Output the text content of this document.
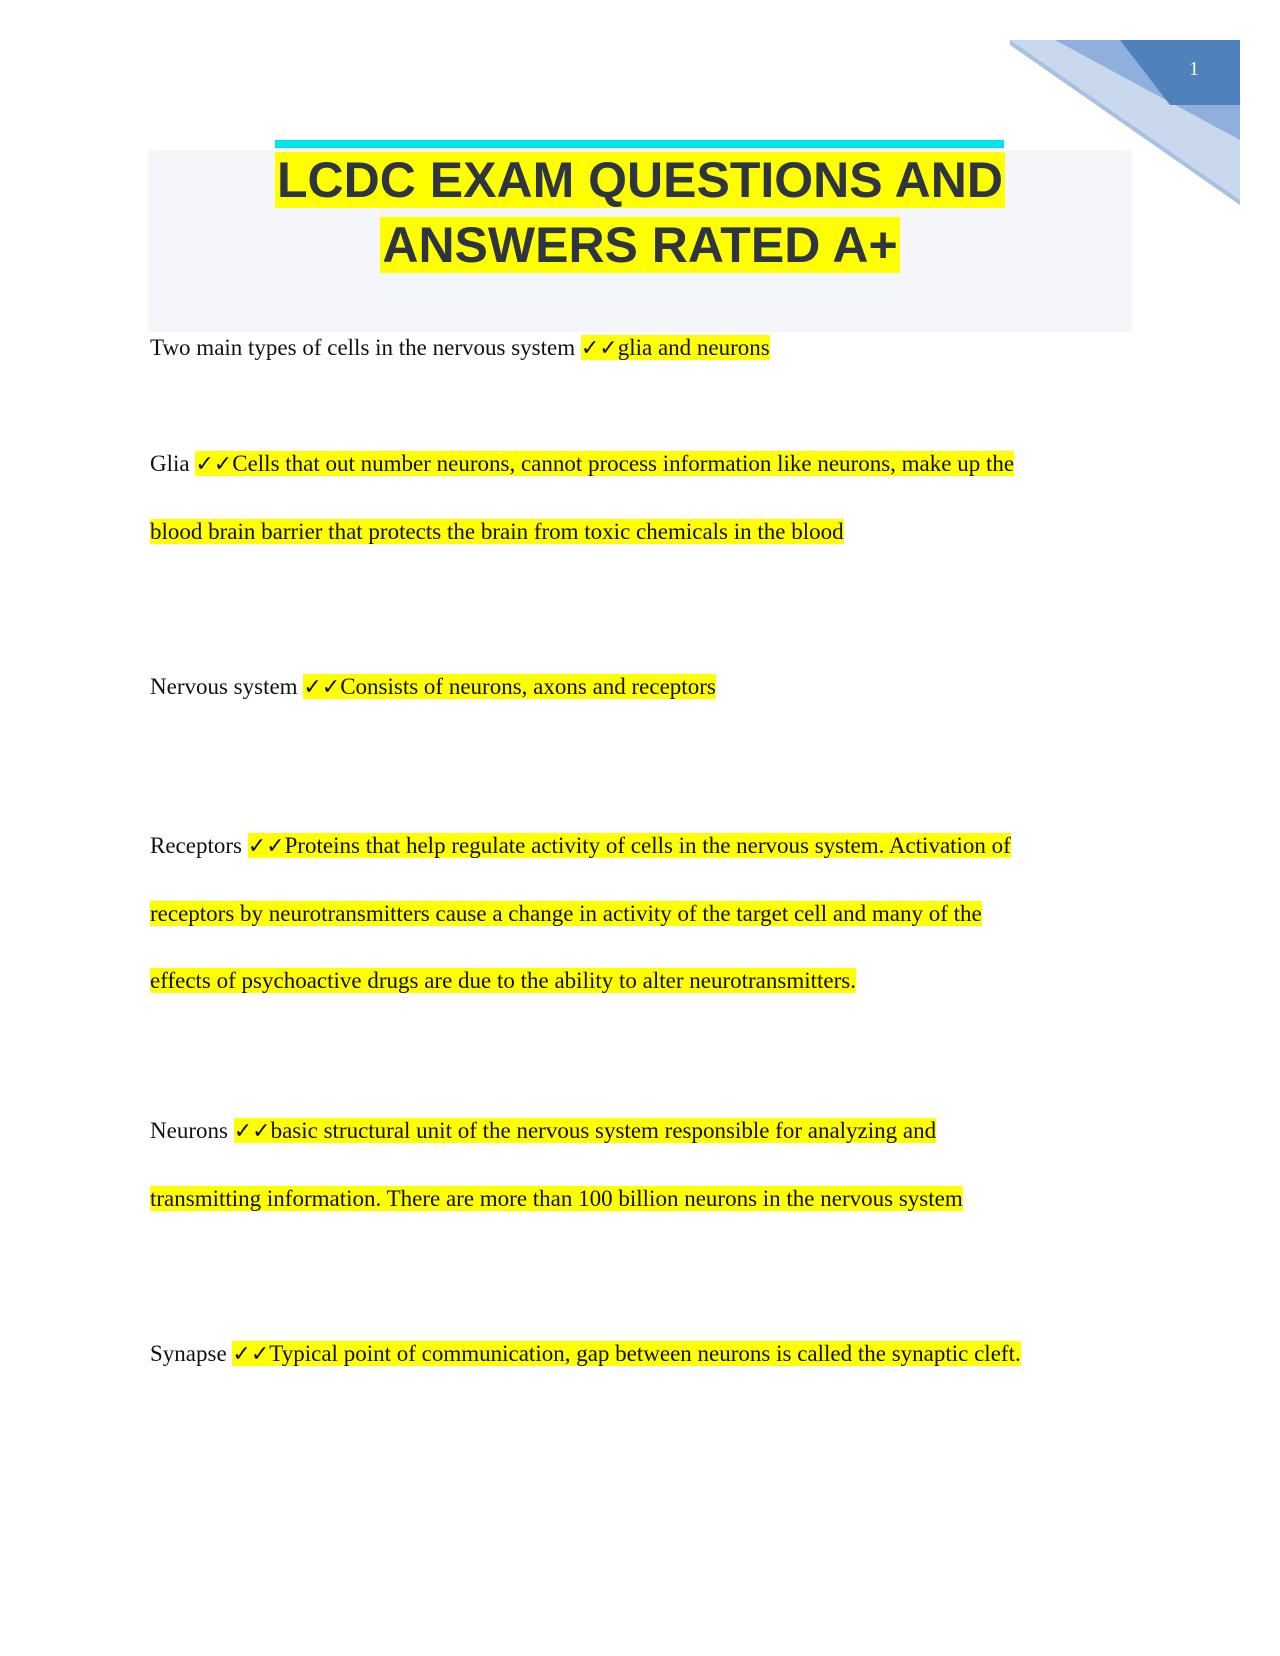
1
LCDC EXAM QUESTIONS AND
ANSWERS RATED A+
Two main types of cells in the nervous system ✓✓glia and neurons
Glia ✓✓Cells that out number neurons, cannot process information like neurons, make up the
blood brain barrier that protects the brain from toxic chemicals in the blood
Nervous system ✓✓Consists of neurons, axons and receptors
Receptors ✓✓Proteins that help regulate activity of cells in the nervous system. Activation of
receptors by neurotransmitters cause a change in activity of the target cell and many of the
effects of psychoactive drugs are due to the ability to alter neurotransmitters.
Neurons ✓✓basic structural unit of the nervous system responsible for analyzing and
transmitting information. There are more than 100 billion neurons in the nervous system
Synapse ✓✓Typical point of communication, gap between neurons is called the synaptic cleft.
